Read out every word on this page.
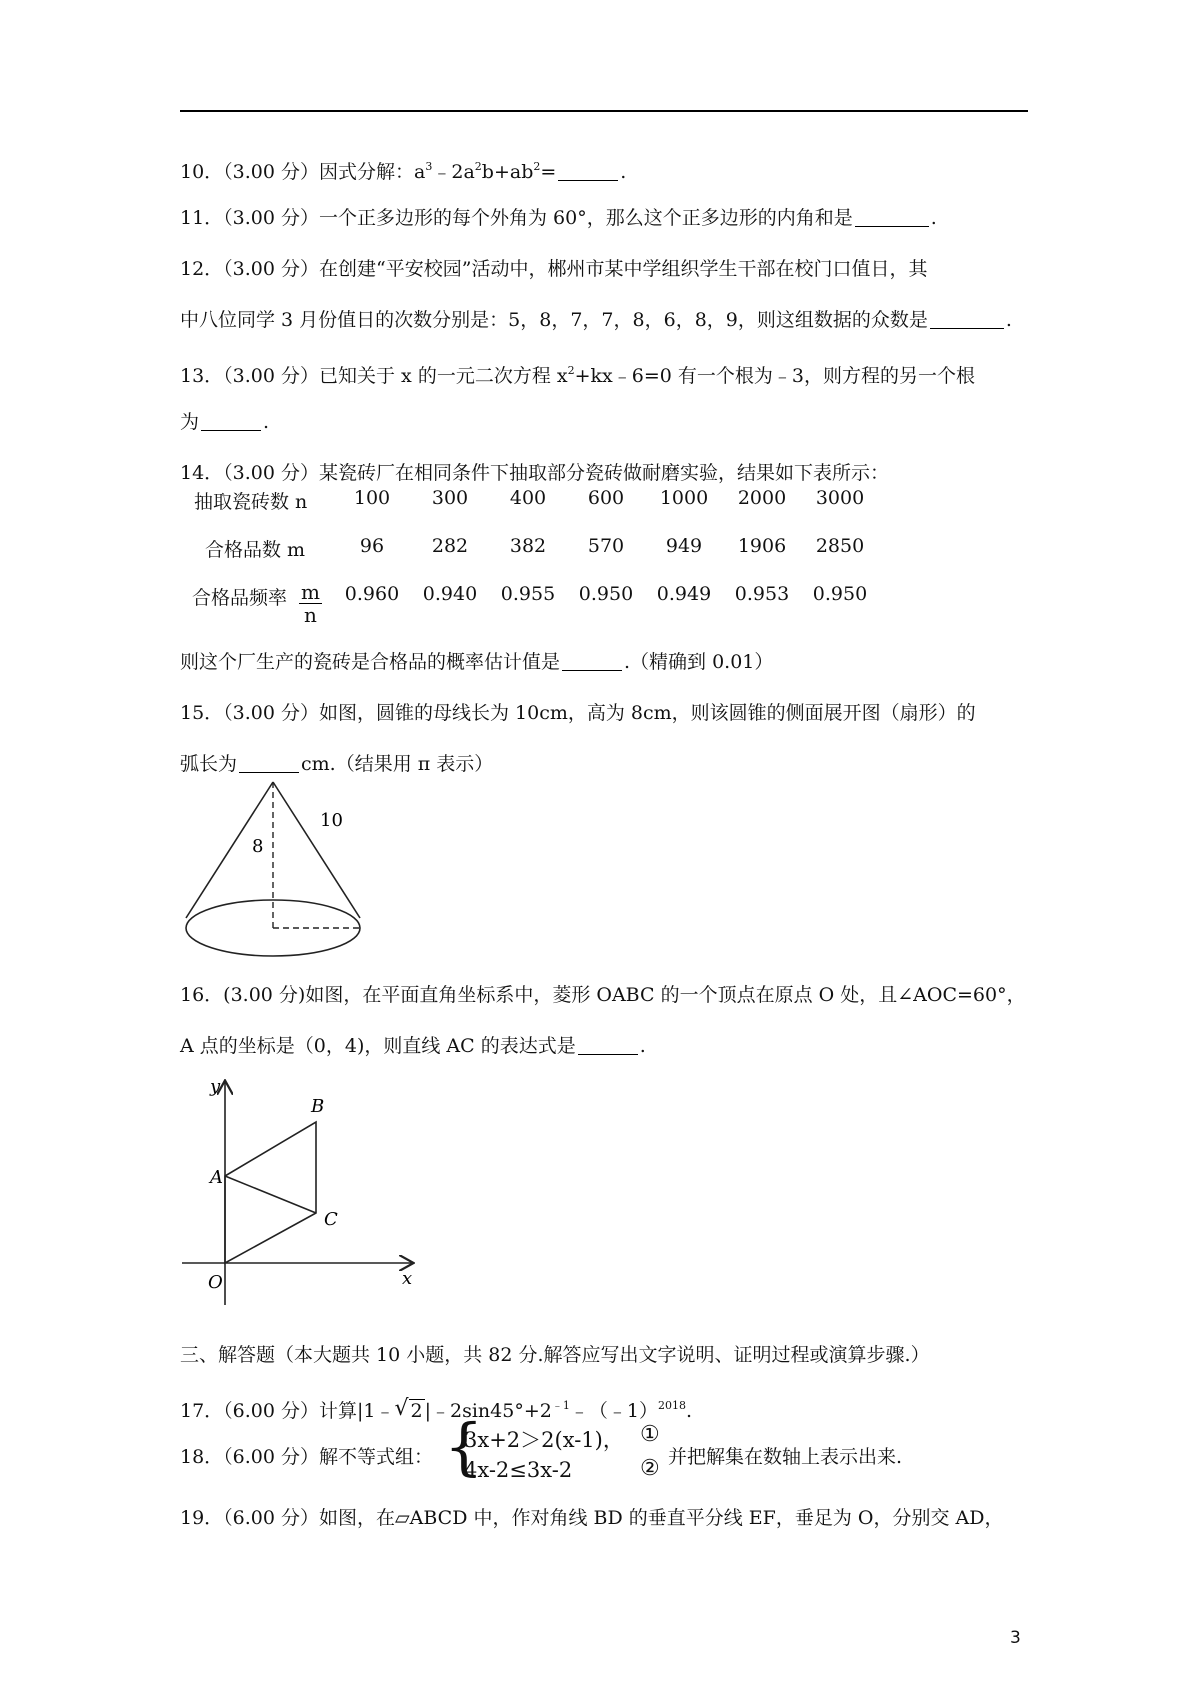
10．（3.00 分）因式分解：$a^3﹣2a^2b+ab^2=$	.
11．（3.00 分）一个正多边形的每个外角为 60°，那么这个正多边形的内角和是	.
12．（3.00 分）在创建“平安校园”活动中，郴州市某中学组织学生干部在校门口值日，其
中八位同学 3 月份值日的次数分别是：5，8，7，7，8，6，8，9，则这组数据的众数是	.
13．（3.00 分）已知关于 x 的一元二次方程 $x^2+kx﹣6=0$ 有一个根为﹣3，则方程的另一个根
为	.
14．（3.00 分）某瓷砖厂在相同条件下抽取部分瓷砖做耐磨实验，结果如下表所示：
抽取瓷砖数 n	100	300	400	600	1000	2000	3000
合格品数 m	96	282	382	570	949	1906	2850
合格品频率	0.960	0.940	0.955	0.950	0.949	0.953	0.950
$\frac{m}{n}$
则这个厂生产的瓷砖是合格品的概率估计值是	.（精确到 0.01）
15．（3.00 分）如图，圆锥的母线长为 10cm，高为 8cm，则该圆锥的侧面展开图（扇形）的
弧长为	cm.（结果用 π 表示）
8
10
16．(3.00 分)如图，在平面直角坐标系中，菱形 OABC 的一个顶点在原点 O 处，且∠AOC=60°，
A 点的坐标是（0，4)，则直线 AC 的表达式是	.
y
x
O
A
B
C
三、解答题（本大题共 10 小题，共 82 分.解答应写出文字说明、证明过程或演算步骤.）
17．（6.00 分）计算|1﹣ √ 2 $|﹣2\sin 45^\circ+2^{﹣1}﹣(﹣1)^{2018}$.
18．（6.00 分）解不等式组： {
3x+2＞2(x-1)，
4x-2≤3x-2
①
② 并把解集在数轴上表示出来.
19．（6.00 分）如图，在▱ABCD 中，作对角线 BD 的垂直平分线 EF，垂足为 O，分别交 AD，
3
